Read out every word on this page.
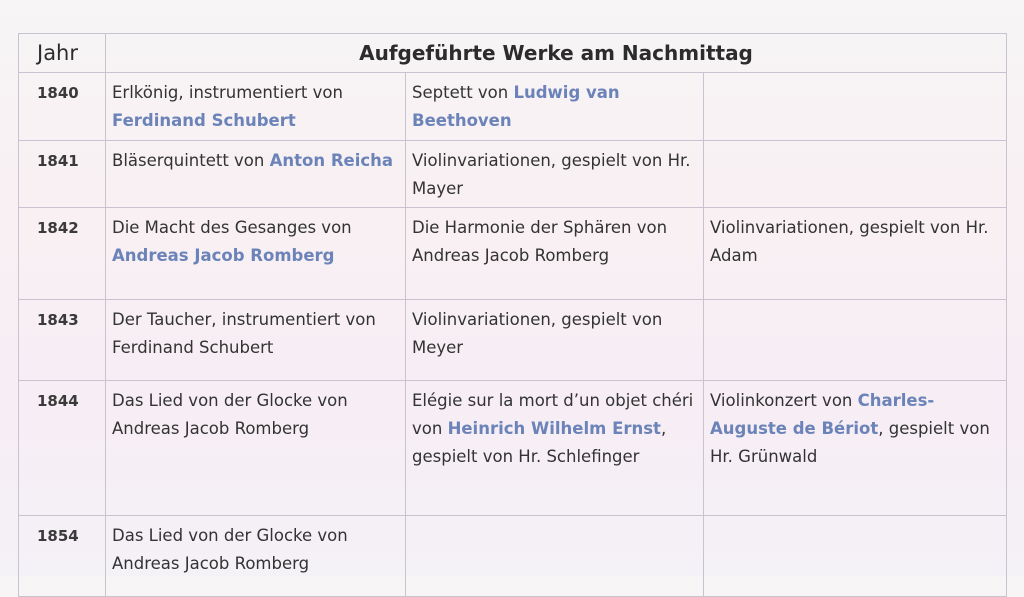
Jahr	Aufgeführte Werke am Nachmittag		
1840	Erlkönig, instrumentiert von Ferdinand Schubert	Septett von Ludwig van Beethoven	
1841	Bläserquintett von Anton Reicha	Violinvariationen, gespielt von Hr. Mayer	
1842	Die Macht des Gesanges von Andreas Jacob Romberg	Die Harmonie der Sphären von Andreas Jacob Romberg	Violinvariationen, gespielt von Hr. Adam
1843	Der Taucher, instrumentiert von Ferdinand Schubert	Violinvariationen, gespielt von Meyer	
1844	Das Lied von der Glocke von Andreas Jacob Romberg	Elégie sur la mort d’un objet chéri von Heinrich Wilhelm Ernst, gespielt von Hr. Schlefinger	Violinkonzert von Charles-Auguste de Bériot, gespielt von Hr. Grünwald
1854	Das Lied von der Glocke von Andreas Jacob Romberg		
